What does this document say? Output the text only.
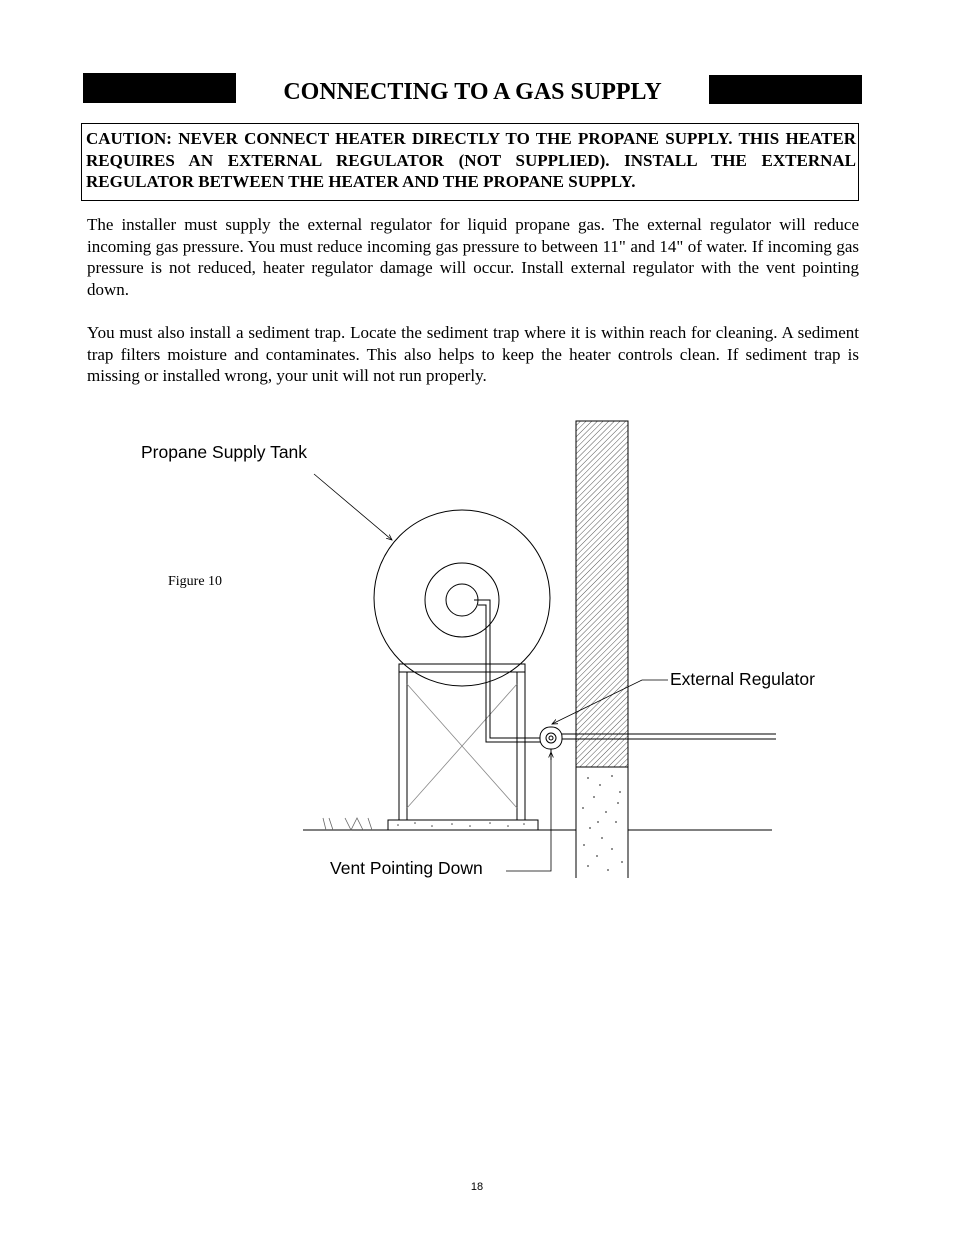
CONNECTING TO A GAS SUPPLY

CAUTION: NEVER CONNECT HEATER DIRECTLY TO THE PROPANE SUPPLY. THIS HEATER REQUIRES AN EXTERNAL REGULATOR (NOT SUPPLIED). INSTALL THE EXTERNAL REGULATOR BETWEEN THE HEATER AND THE PROPANE SUPPLY.

The installer must supply the external regulator for liquid propane gas. The external regulator will reduce incoming gas pressure. You must reduce incoming gas pressure to between 11" and 14" of water. If incoming gas pressure is not reduced, heater regulator damage will occur. Install external regulator with the vent pointing down.

You must also install a sediment trap. Locate the sediment trap where it is within reach for cleaning. A sediment trap filters moisture and contaminates. This also helps to keep the heater controls clean. If sediment trap is missing or installed wrong, your unit will not run properly.

Propane Supply Tank
Figure 10
External Regulator
Vent Pointing Down
18
